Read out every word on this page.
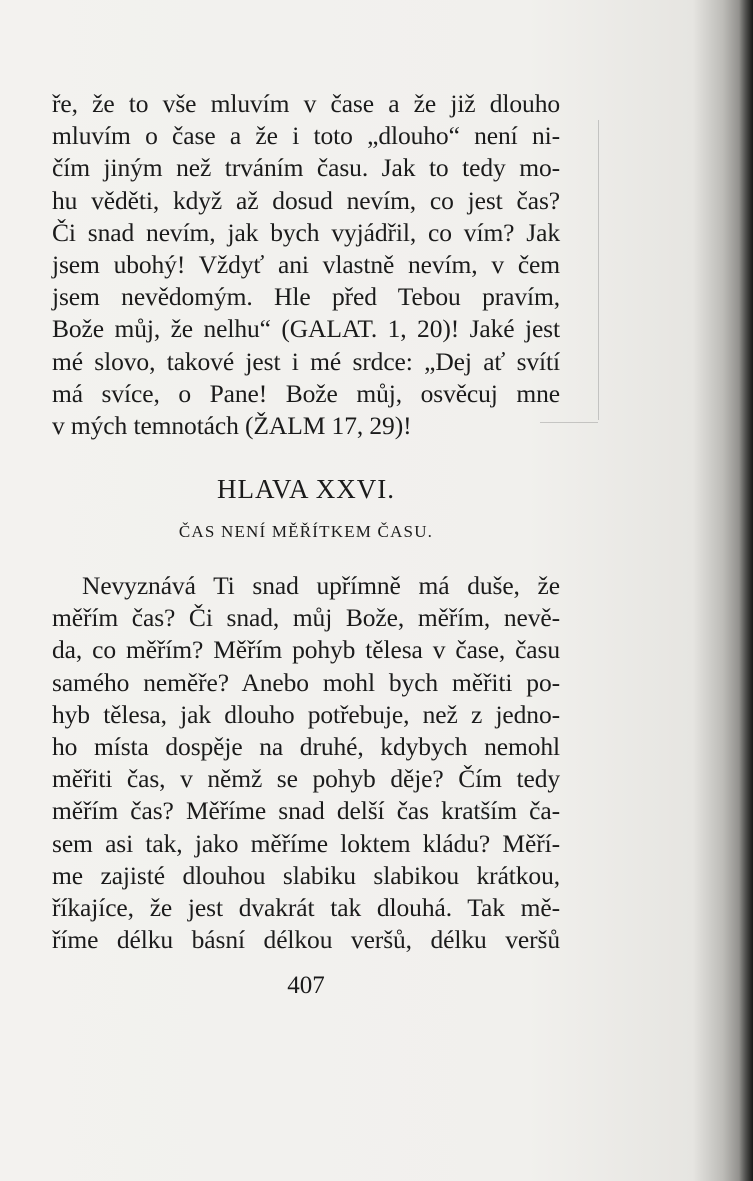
ře, že to vše mluvím v čase a že již dlouho
mluvím o čase a že i toto „dlouho“ není ni-
čím jiným než trváním času. Jak to tedy mo-
hu věděti, když až dosud nevím, co jest čas?
Či snad nevím, jak bych vyjádřil, co vím? Jak
jsem ubohý! Vždyť ani vlastně nevím, v čem
jsem nevědomým. Hle před Tebou pravím,
Bože můj, že nelhu“ (GALAT. 1, 20)! Jaké jest
mé slovo, takové jest i mé srdce: „Dej ať svítí
má svíce, o Pane! Bože můj, osvěcuj mne
v mých temnotách (ŽALM 17, 29)!
HLAVA XXVI.
ČAS NENÍ MĚŘÍTKEM ČASU.
Nevyznává Ti snad upřímně má duše, že
měřím čas? Či snad, můj Bože, měřím, nevě-
da, co měřím? Měřím pohyb tělesa v čase, času
samého neměře? Anebo mohl bych měřiti po-
hyb tělesa, jak dlouho potřebuje, než z jedno-
ho místa dospěje na druhé, kdybych nemohl
měřiti čas, v němž se pohyb děje? Čím tedy
měřím čas? Měříme snad delší čas kratším ča-
sem asi tak, jako měříme loktem kládu? Měří-
me zajisté dlouhou slabiku slabikou krátkou,
říkajíce, že jest dvakrát tak dlouhá. Tak mě-
říme délku básní délkou veršů, délku veršů
407
